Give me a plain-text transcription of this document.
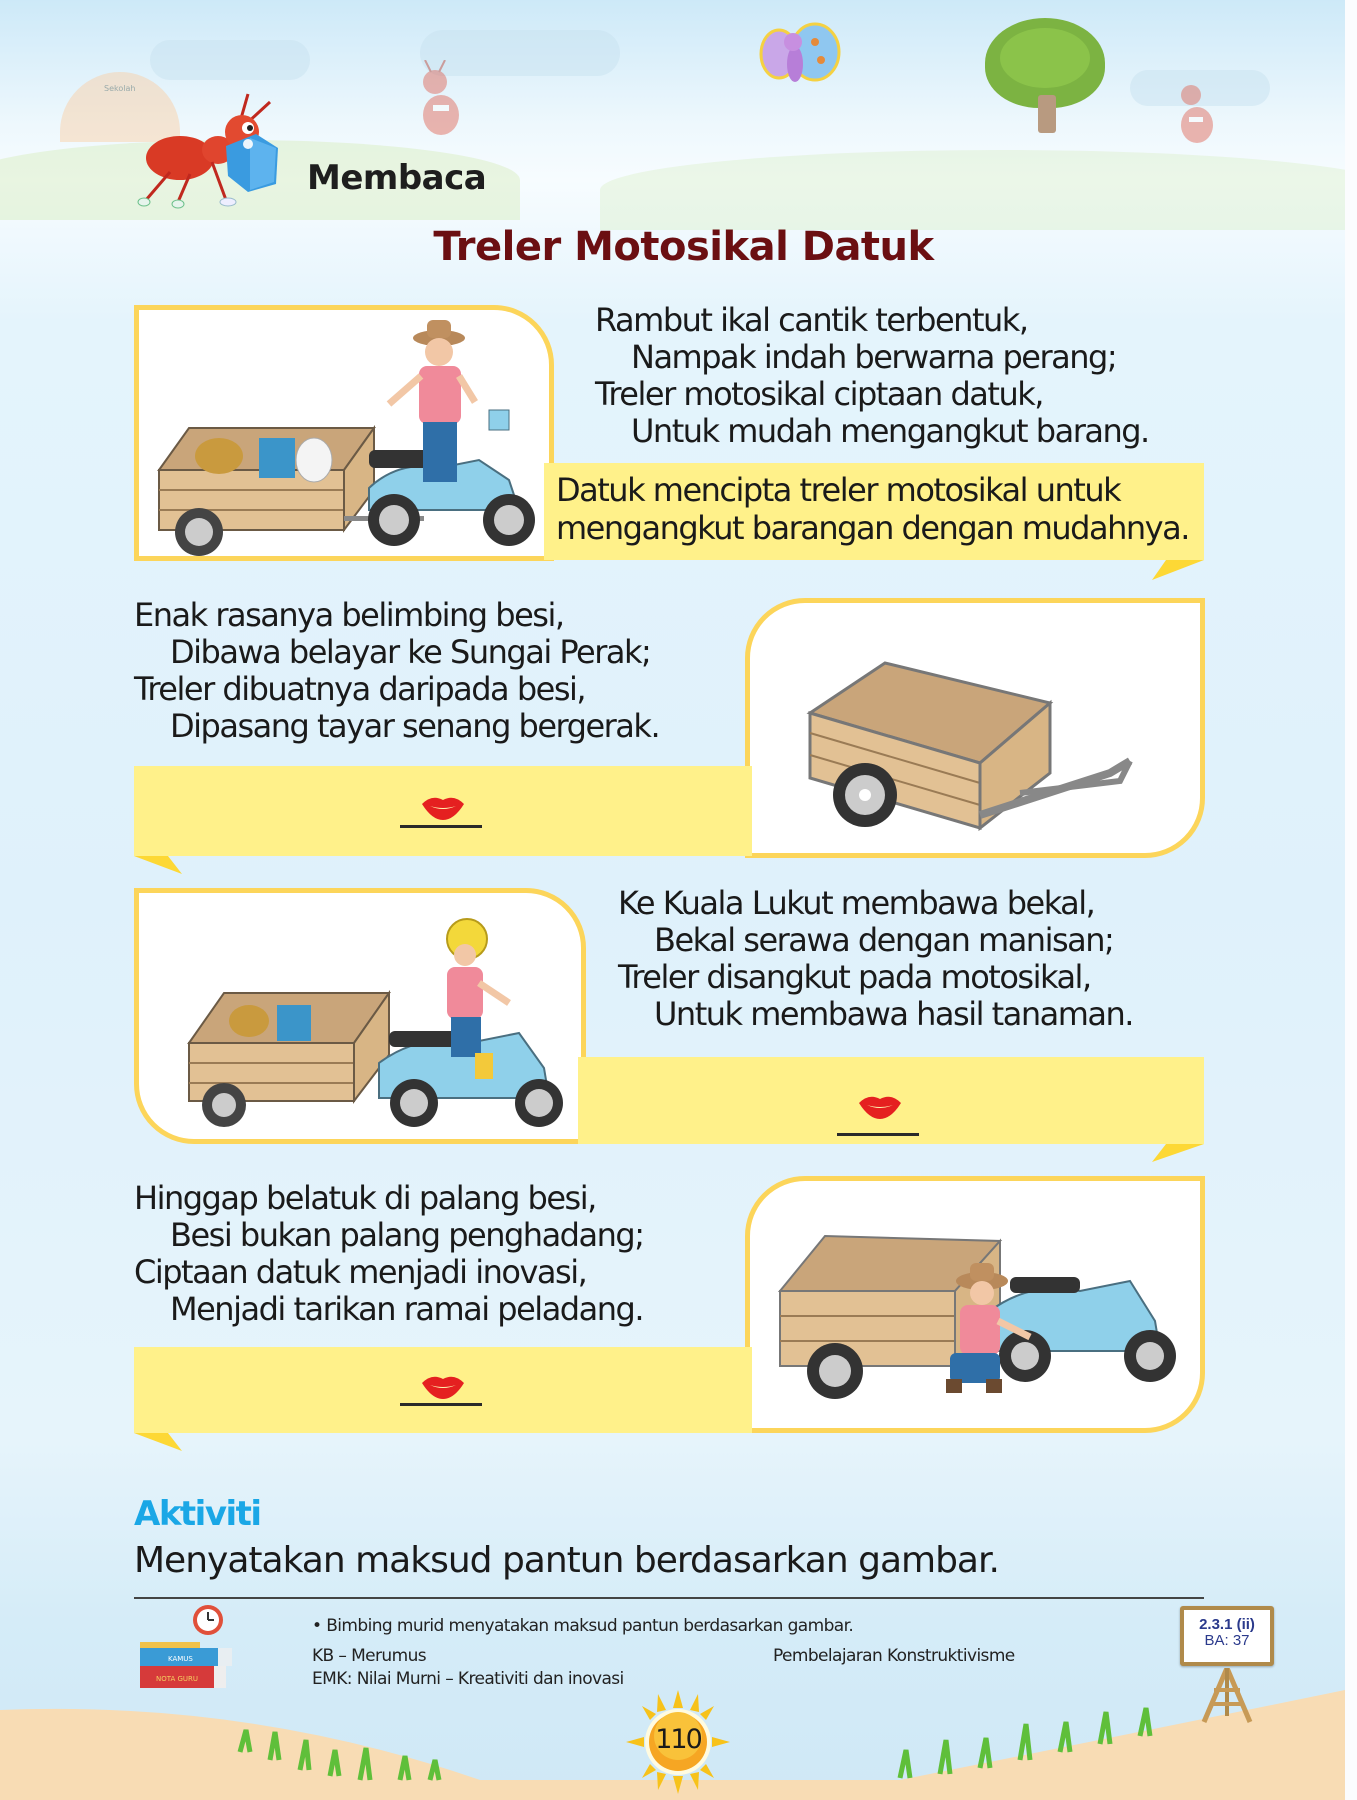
Sekolah
Membaca
Treler Motosikal Datuk
Rambut ikal cantik terbentuk,
Nampak indah berwarna perang;
Treler motosikal ciptaan datuk,
Untuk mudah mengangkut barang.
Datuk mencipta treler motosikal untuk
mengangkut barangan dengan mudahnya.
Enak rasanya belimbing besi,
Dibawa belayar ke Sungai Perak;
Treler dibuatnya daripada besi,
Dipasang tayar senang bergerak.
Ke Kuala Lukut membawa bekal,
Bekal serawa dengan manisan;
Treler disangkut pada motosikal,
Untuk membawa hasil tanaman.
Hinggap belatuk di palang besi,
Besi bukan palang penghadang;
Ciptaan datuk menjadi inovasi,
Menjadi tarikan ramai peladang.
Aktiviti
Menyatakan maksud pantun berdasarkan gambar.
KAMUS
NOTA GURU
• Bimbing murid menyatakan maksud pantun berdasarkan gambar.
KB – Merumus
EMK: Nilai Murni – Kreativiti dan inovasi
Pembelajaran Konstruktivisme
2.3.1 (ii)
BA: 37
110
